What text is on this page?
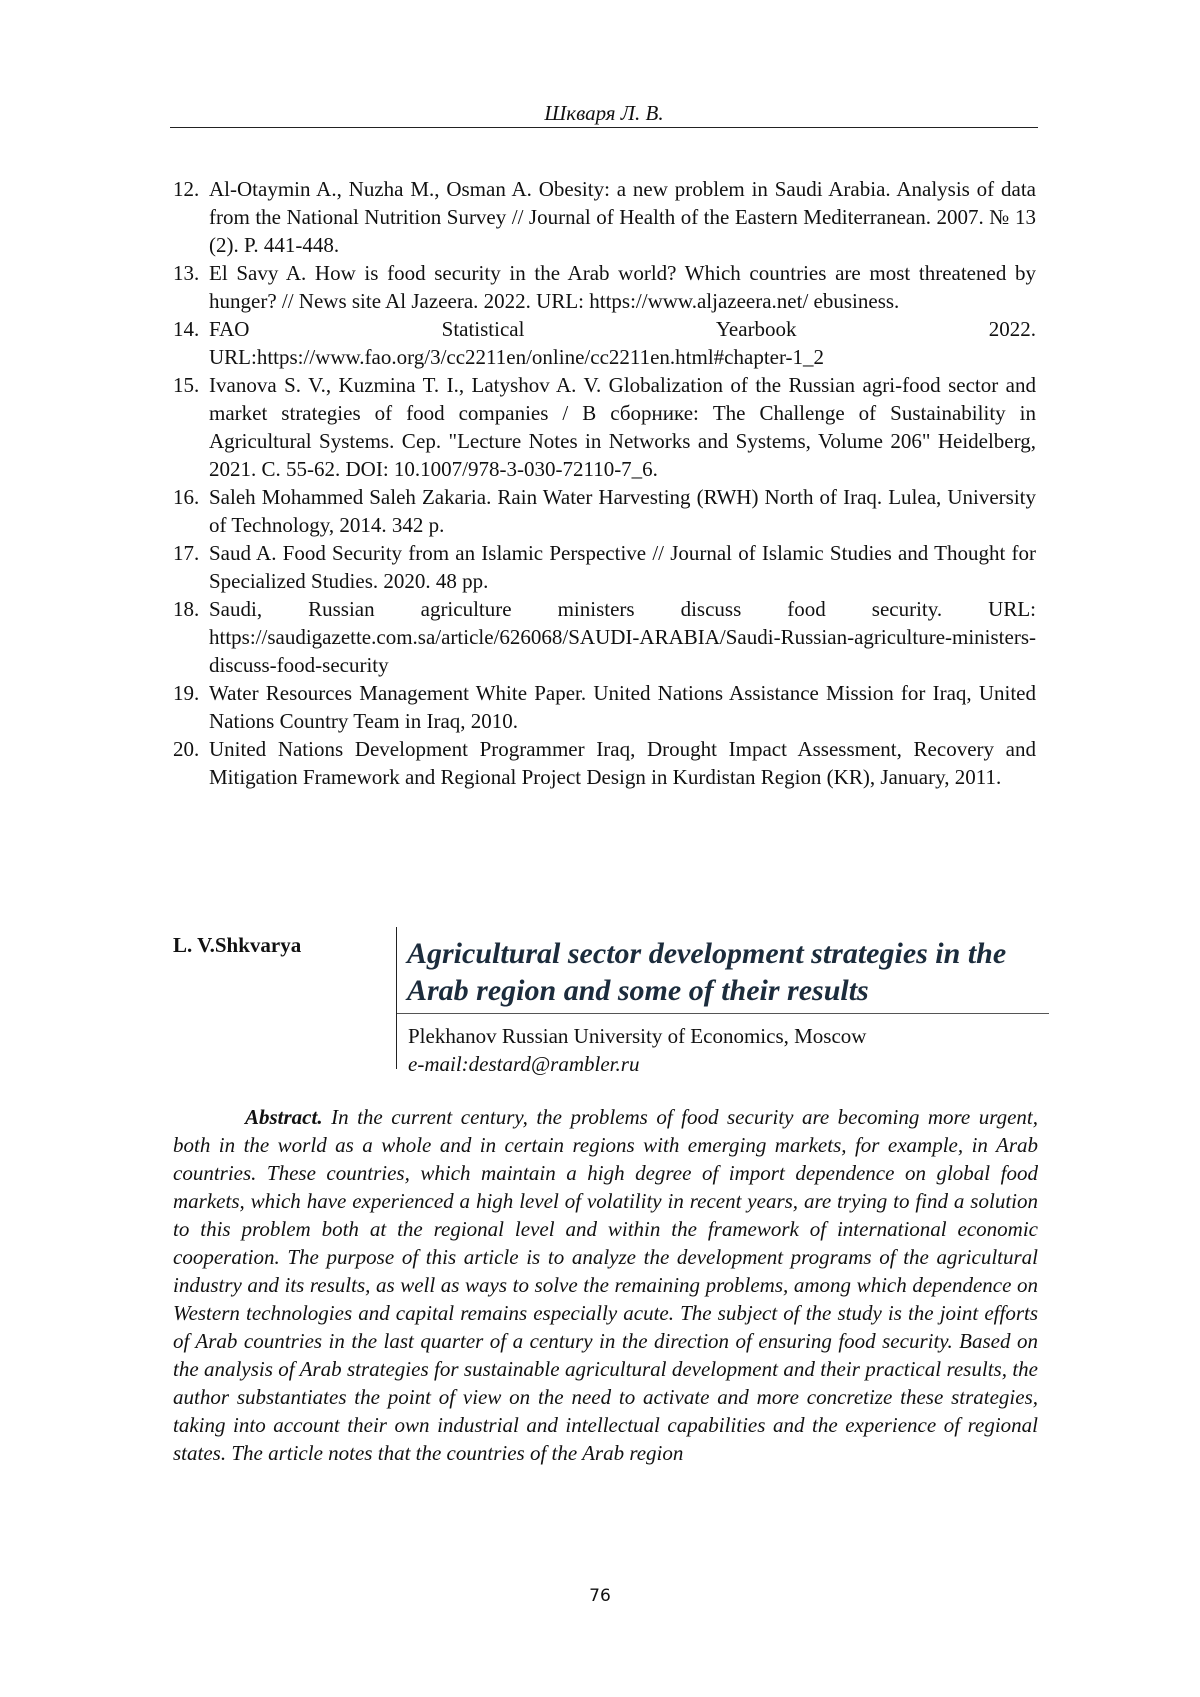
Шкваря Л. В.
12. Al-Otaymin A., Nuzha M., Osman A. Obesity: a new problem in Saudi Arabia. Analysis of data from the National Nutrition Survey // Journal of Health of the Eastern Mediterranean. 2007. № 13 (2). P. 441-448.
13. El Savy A. How is food security in the Arab world? Which countries are most threatened by hunger? // News site Al Jazeera. 2022. URL: https://www.aljazeera.net/ ebusiness.
14. FAO Statistical Yearbook 2022. URL:https://www.fao.org/3/cc2211en/online/cc2211en.html#chapter-1_2
15. Ivanova S. V., Kuzmina T. I., Latyshov A. V. Globalization of the Russian agri-food sector and market strategies of food companies / В сборнике: The Challenge of Sustainability in Agricultural Systems. Сер. "Lecture Notes in Networks and Systems, Volume 206" Heidelberg, 2021. С. 55-62. DOI: 10.1007/978-3-030-72110-7_6.
16. Saleh Mohammed Saleh Zakaria. Rain Water Harvesting (RWH) North of Iraq. Lulea, University of Technology, 2014. 342 p.
17. Saud A. Food Security from an Islamic Perspective // Journal of Islamic Studies and Thought for Specialized Studies. 2020. 48 pp.
18. Saudi, Russian agriculture ministers discuss food security. URL: https://saudigazette.com.sa/article/626068/SAUDI-ARABIA/Saudi-Russian-agriculture-ministers-discuss-food-security
19. Water Resources Management White Paper. United Nations Assistance Mission for Iraq, United Nations Country Team in Iraq, 2010.
20. United Nations Development Programmer Iraq, Drought Impact Assessment, Recovery and Mitigation Framework and Regional Project Design in Kurdistan Region (KR), January, 2011.
L. V.Shkvarya	Agricultural sector development strategies in the Arab region and some of their results
Plekhanov Russian University of Economics, Moscow
e-mail:destard@rambler.ru

Abstract. In the current century, the problems of food security are becoming more urgent, both in the world as a whole and in certain regions with emerging markets, for example, in Arab countries. These countries, which maintain a high degree of import dependence on global food markets, which have experienced a high level of volatility in recent years, are trying to find a solution to this problem both at the regional level and within the framework of international economic cooperation. The purpose of this article is to analyze the development programs of the agricultural industry and its results, as well as ways to solve the remaining problems, among which dependence on Western technologies and capital remains especially acute. The subject of the study is the joint efforts of Arab countries in the last quarter of a century in the direction of ensuring food security. Based on the analysis of Arab strategies for sustainable agricultural development and their practical results, the author substantiates the point of view on the need to activate and more concretize these strategies, taking into account their own industrial and intellectual capabilities and the experience of regional states. The article notes that the countries of the Arab region

76
